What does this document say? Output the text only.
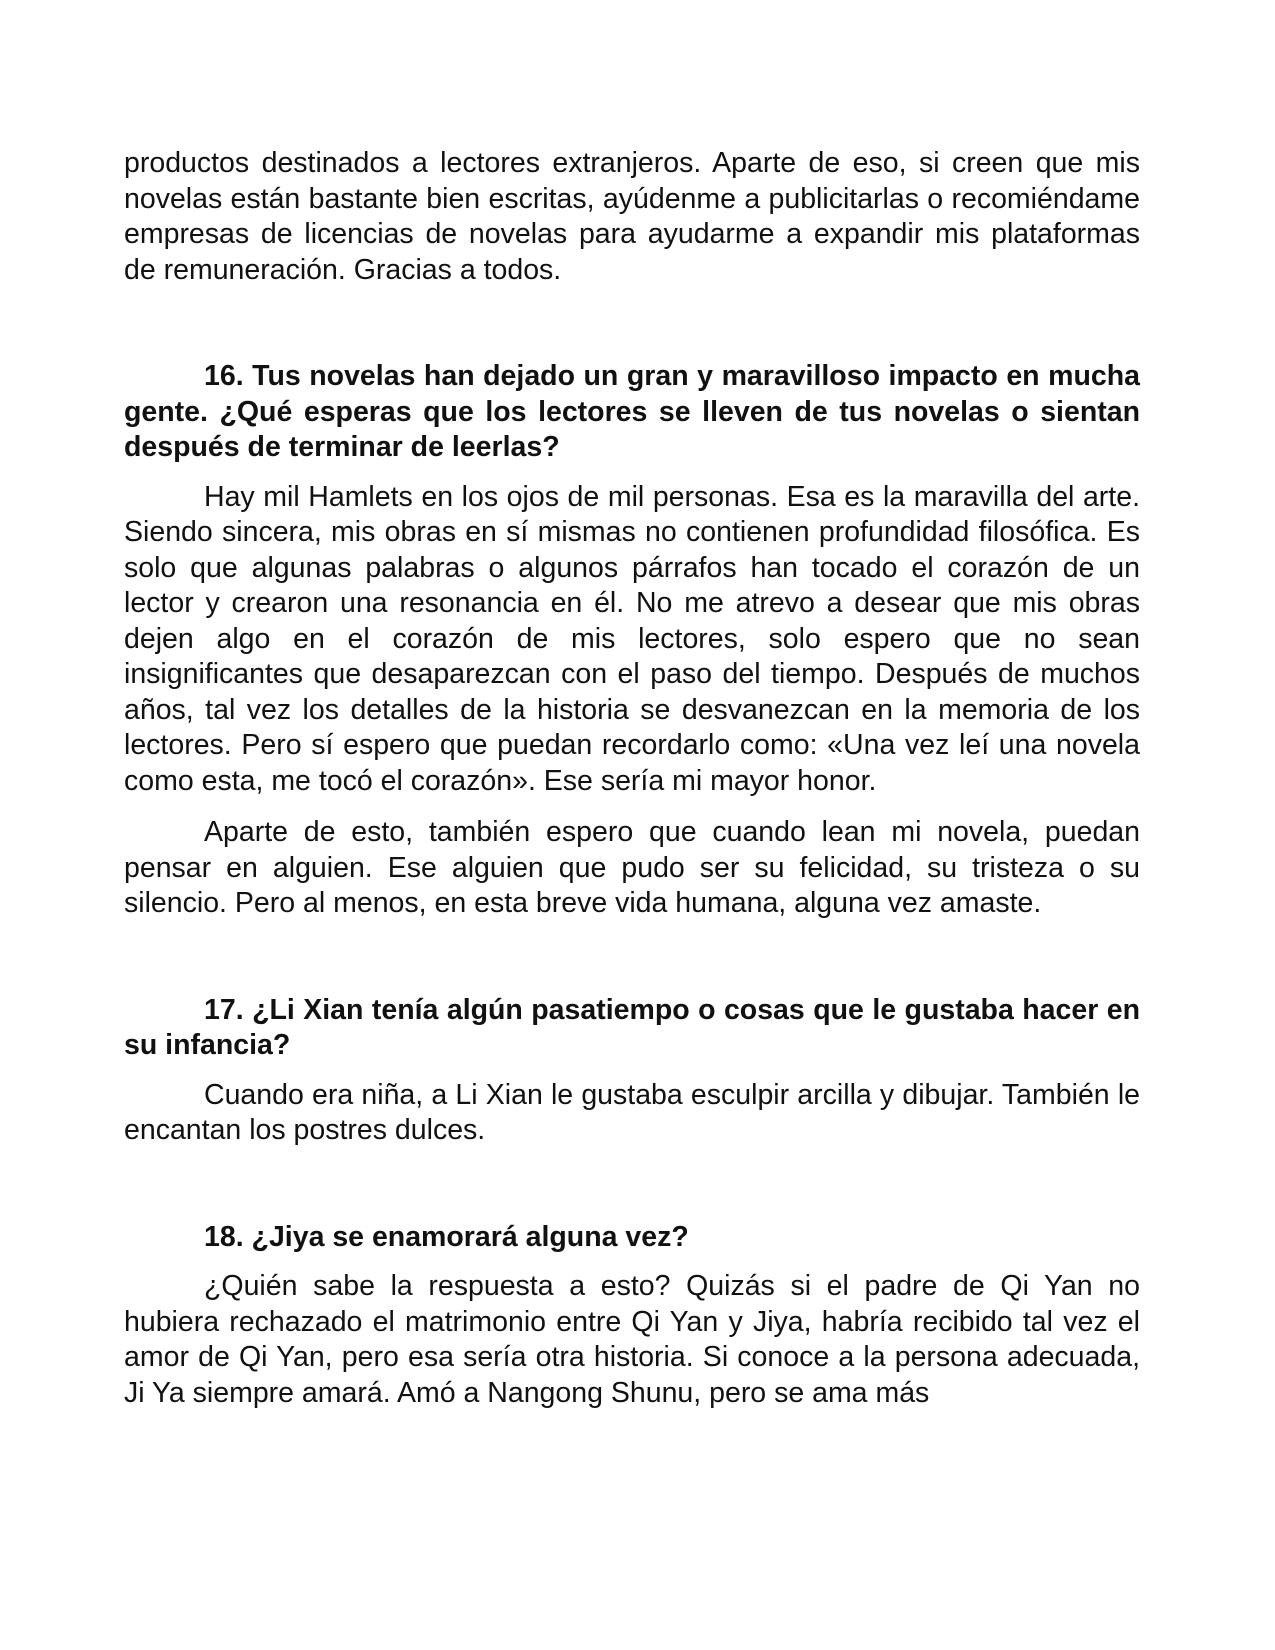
productos destinados a lectores extranjeros. Aparte de eso, si creen que mis novelas están bastante bien escritas, ayúdenme a publicitarlas o recomiéndame empresas de licencias de novelas para ayudarme a expandir mis plataformas de remuneración. Gracias a todos.

16. Tus novelas han dejado un gran y maravilloso impacto en mucha gente. ¿Qué esperas que los lectores se lleven de tus novelas o sientan después de terminar de leerlas?

Hay mil Hamlets en los ojos de mil personas. Esa es la maravilla del arte. Siendo sincera, mis obras en sí mismas no contienen profundidad filosófica. Es solo que algunas palabras o algunos párrafos han tocado el corazón de un lector y crearon una resonancia en él. No me atrevo a desear que mis obras dejen algo en el corazón de mis lectores, solo espero que no sean insignificantes que desaparezcan con el paso del tiempo. Después de muchos años, tal vez los detalles de la historia se desvanezcan en la memoria de los lectores. Pero sí espero que puedan recordarlo como: «Una vez leí una novela como esta, me tocó el corazón». Ese sería mi mayor honor.

Aparte de esto, también espero que cuando lean mi novela, puedan pensar en alguien. Ese alguien que pudo ser su felicidad, su tristeza o su silencio. Pero al menos, en esta breve vida humana, alguna vez amaste.

17. ¿Li Xian tenía algún pasatiempo o cosas que le gustaba hacer en su infancia?

Cuando era niña, a Li Xian le gustaba esculpir arcilla y dibujar. También le encantan los postres dulces.

18. ¿Jiya se enamorará alguna vez?

¿Quién sabe la respuesta a esto? Quizás si el padre de Qi Yan no hubiera rechazado el matrimonio entre Qi Yan y Jiya, habría recibido tal vez el amor de Qi Yan, pero esa sería otra historia. Si conoce a la persona adecuada, Ji Ya siempre amará. Amó a Nangong Shunu, pero se ama más
